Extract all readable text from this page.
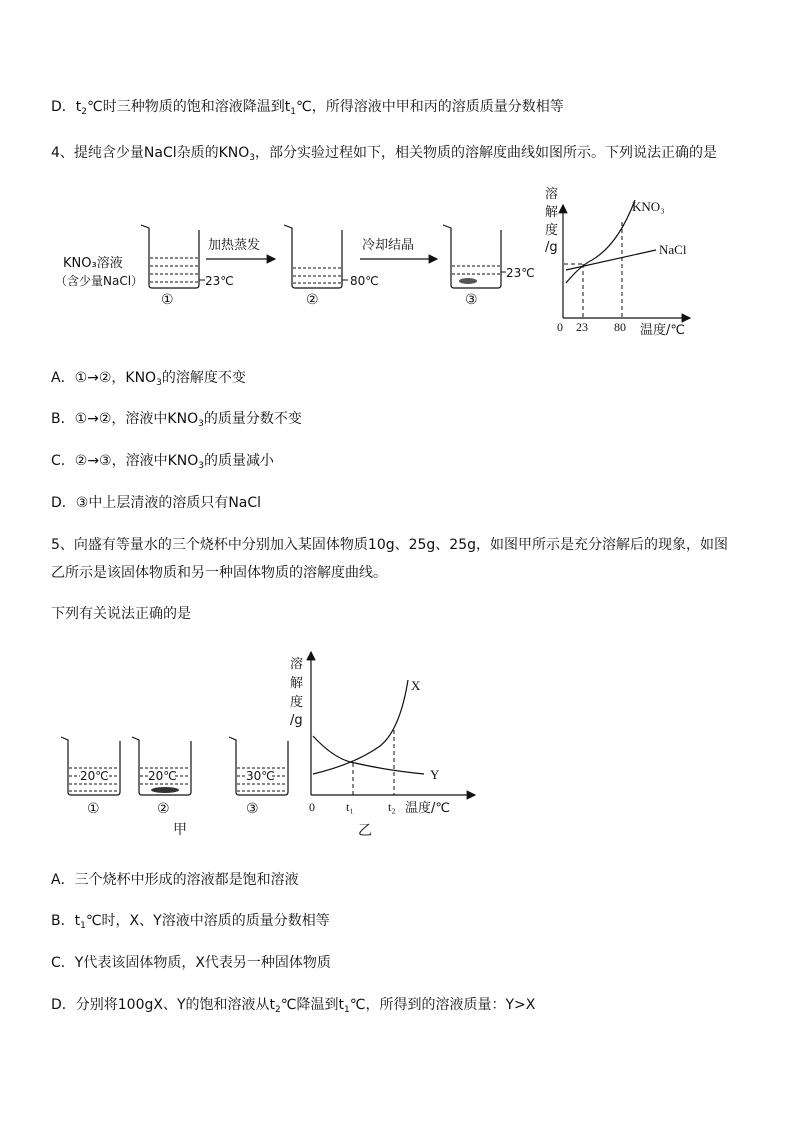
D．$t_2℃$时三种物质的饱和溶液降温到$t_1℃$，所得溶液中甲和丙的溶质质量分数相等
4、提纯含少量NaCl杂质的$KNO_3$，部分实验过程如下，相关物质的溶解度曲线如图所示。下列说法正确的是
KNO₃溶液
（含少量NaCl）	23℃
①
加热蒸发
80℃
②
冷却结晶
23℃
③
溶
解
度
/g
0 23 80 温度/℃
KNO₃
NaCl
A．①→②，$KNO_3$的溶解度不变
B．①→②，溶液中$KNO_3$的质量分数不变
C．②→③，溶液中$KNO_3$的质量减小
D．③中上层清液的溶质只有NaCl
5、向盛有等量水的三个烧杯中分别加入某固体物质10g、25g、25g，如图甲所示是充分溶解后的现象，如图
乙所示是该固体物质和另一种固体物质的溶解度曲线。
下列有关说法正确的是
20℃
①
20℃
②
30℃
③
甲
溶
解
度
/g
0	t₁	t₂ 温度/℃
X
Y
乙
A．三个烧杯中形成的溶液都是饱和溶液
B．$t_1℃$时，X、Y溶液中溶质的质量分数相等
C．Y代表该固体物质，X代表另一种固体物质
D．分别将100gX、Y的饱和溶液从$t_2℃$降温到$t_1℃$，所得到的溶液质量：Y>X
